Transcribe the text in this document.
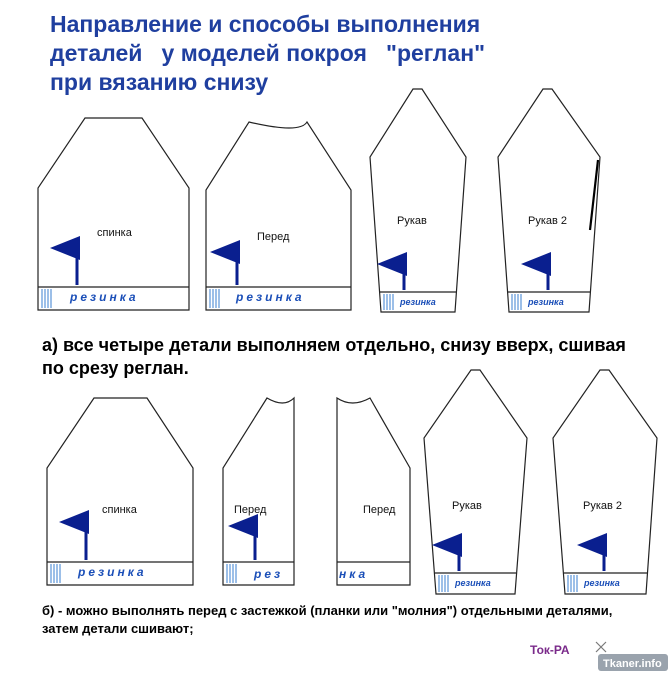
Направление и способы выполнения
деталей   у моделей покроя   "реглан"
при вязанию снизу
спинка	Перед
Рукав	Рукав 2
резинка	резинка	резинка	резинка
спинка	Перед	Перед	Рукав	Рукав 2
резинка	рез	нка
резинка	резинка
Ток-РА
Tkaner.info
а) все четыре детали выполняем отдельно, снизу вверх, сшивая по срезу реглан.
б) - можно выполнять перед с застежкой (планки или "молния") отдельными деталями, затем детали сшивают;
